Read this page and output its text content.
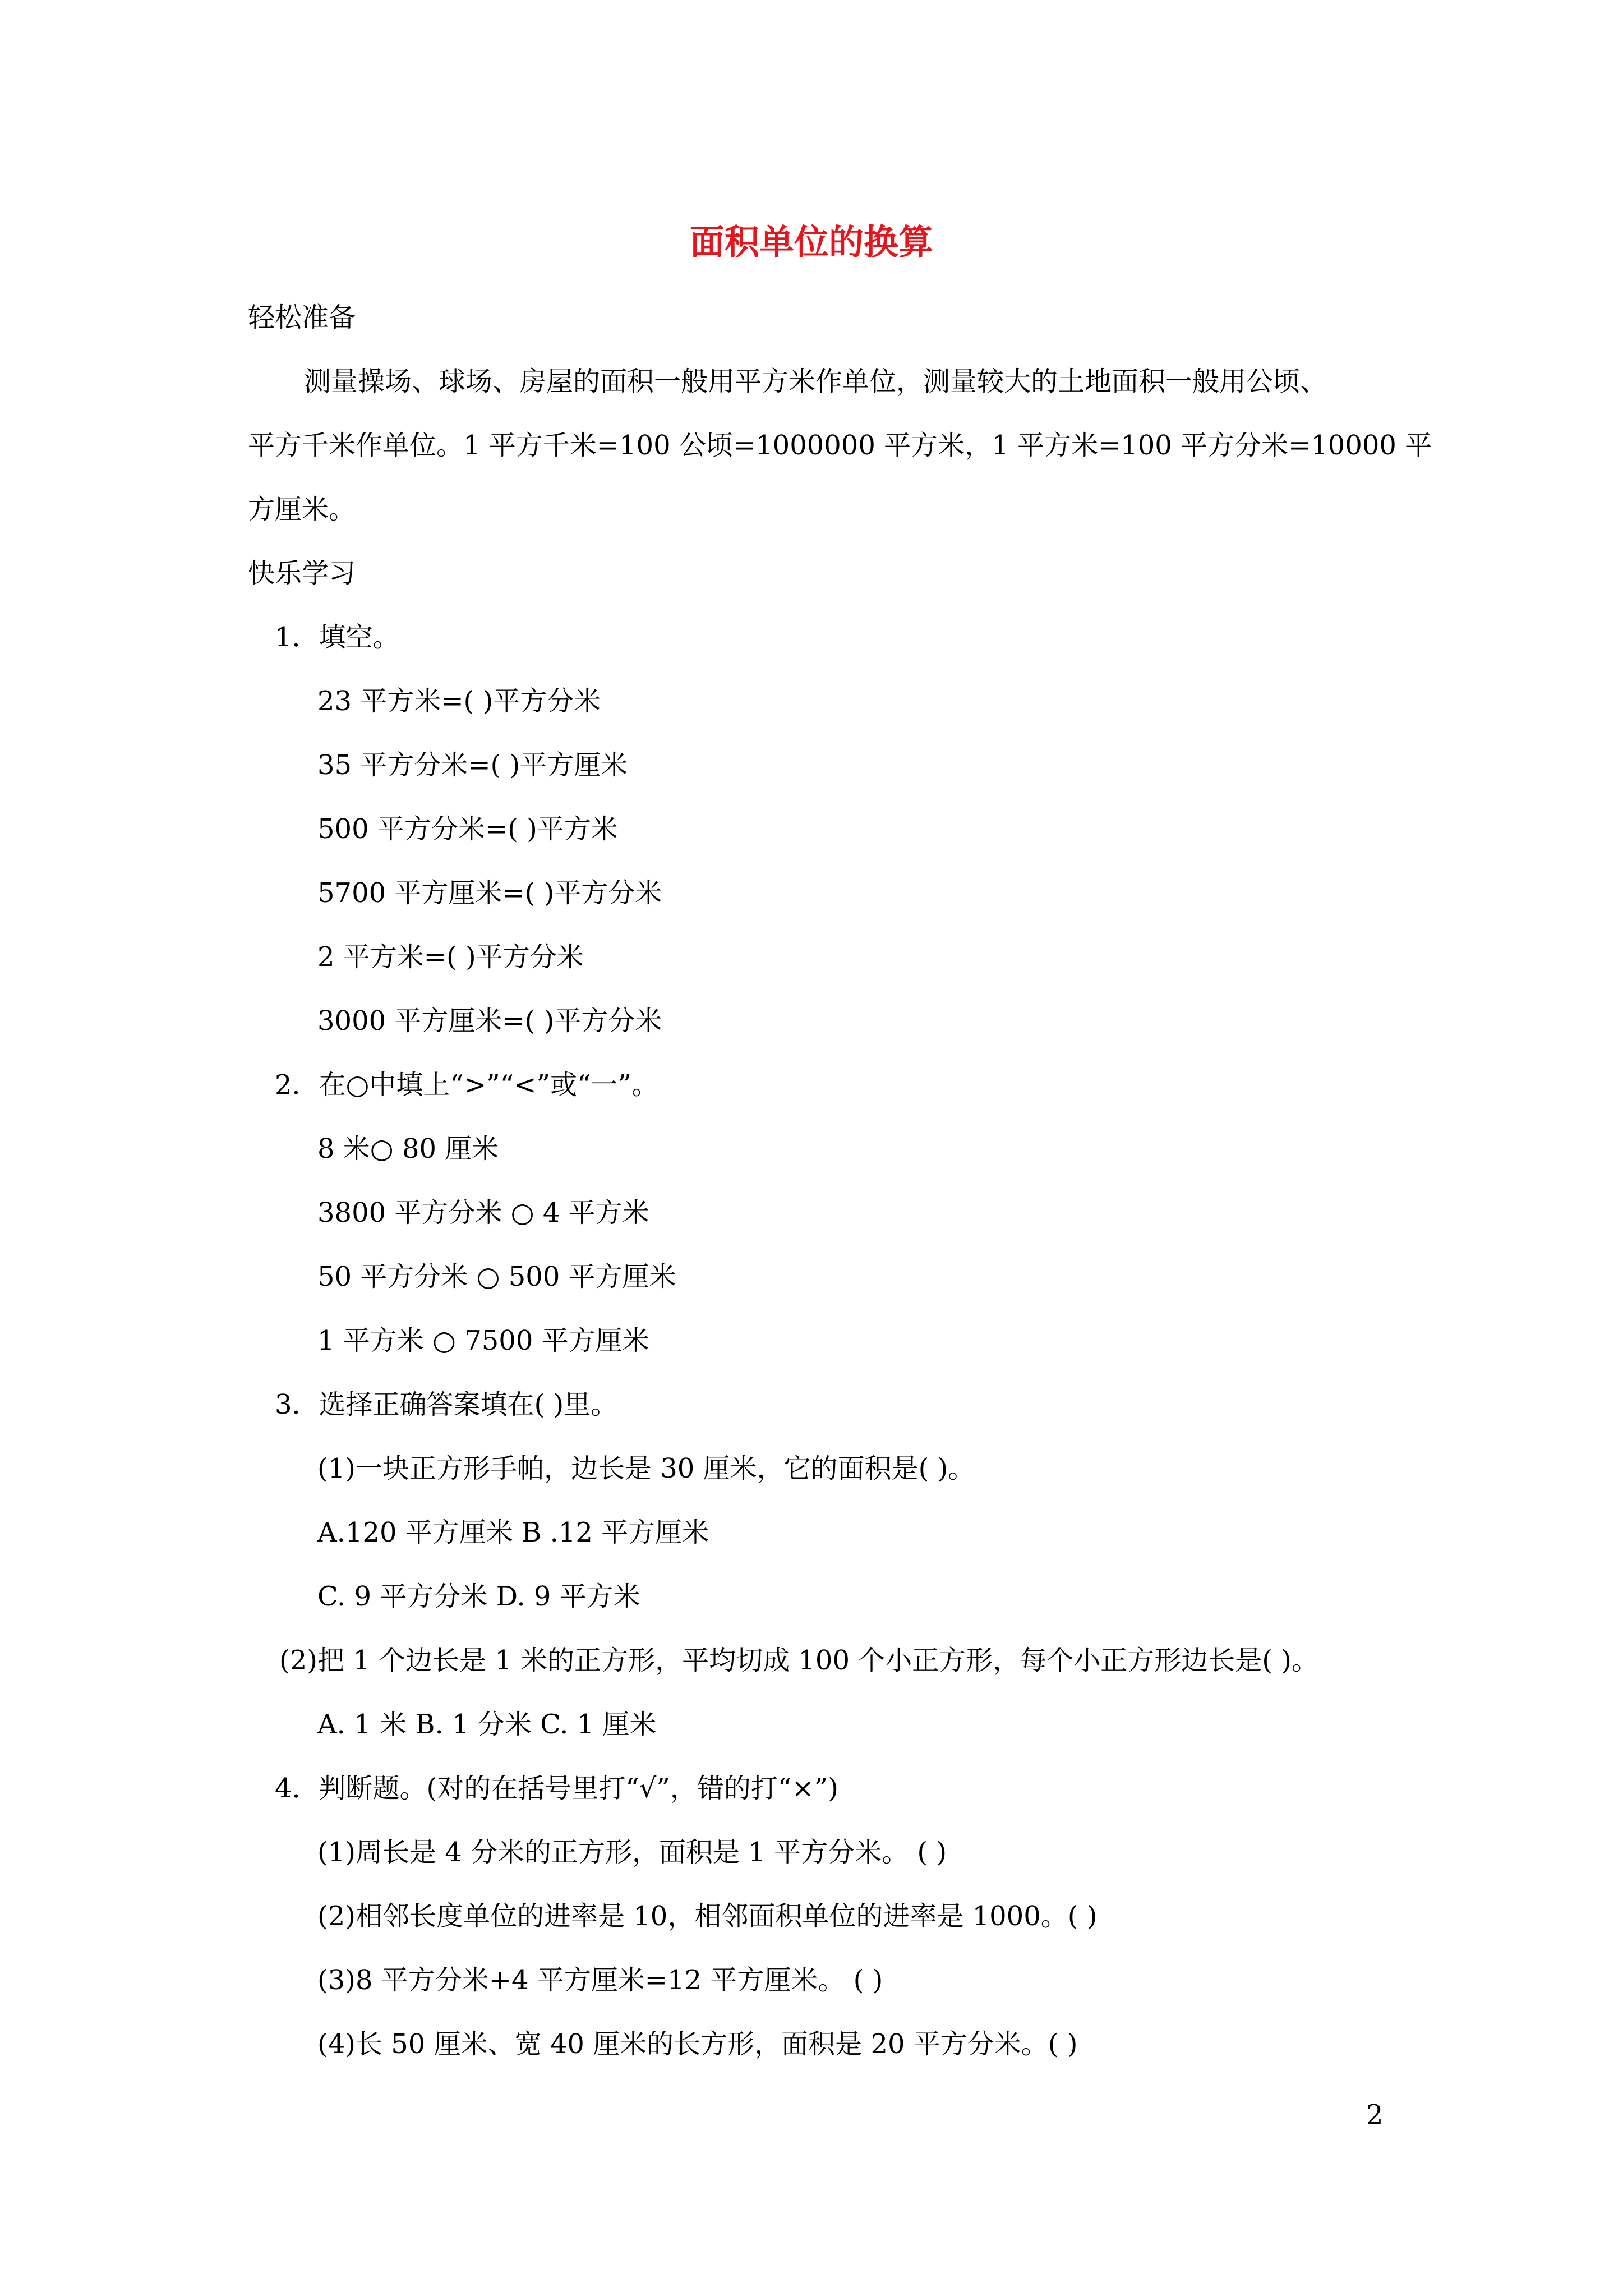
面积单位的换算
轻松准备
测量操场、球场、房屋的面积一般用平方米作单位，测量较大的土地面积一般用公顷、
平方千米作单位。1 平方千米=100 公顷=1000000 平方米，1 平方米=100 平方分米=10000 平
方厘米。
快乐学习
1．填空。
23 平方米=( )平方分米
35 平方分米=( )平方厘米
500 平方分米=( )平方米
5700 平方厘米=( )平方分米
2 平方米=( )平方分米
3000 平方厘米=( )平方分米
2．在○中填上“>”“<”或“一”。
8 米○ 80 厘米
3800 平方分米 ○ 4 平方米
50 平方分米 ○ 500 平方厘米
1 平方米 ○ 7500 平方厘米
3．选择正确答案填在( )里。
(1)一块正方形手帕，边长是 30 厘米，它的面积是( )。
A.120 平方厘米 B .12 平方厘米
C. 9 平方分米 D. 9 平方米
(2)把 1 个边长是 1 米的正方形，平均切成 100 个小正方形，每个小正方形边长是( )。
A. 1 米 B. 1 分米 C. 1 厘米
4．判断题。(对的在括号里打“√”，错的打“×”)
(1)周长是 4 分米的正方形，面积是 1 平方分米。 ( )
(2)相邻长度单位的进率是 10，相邻面积单位的进率是 1000。( )
(3)8 平方分米+4 平方厘米=12 平方厘米。 ( )
(4)长 50 厘米、宽 40 厘米的长方形，面积是 20 平方分米。( )
2
